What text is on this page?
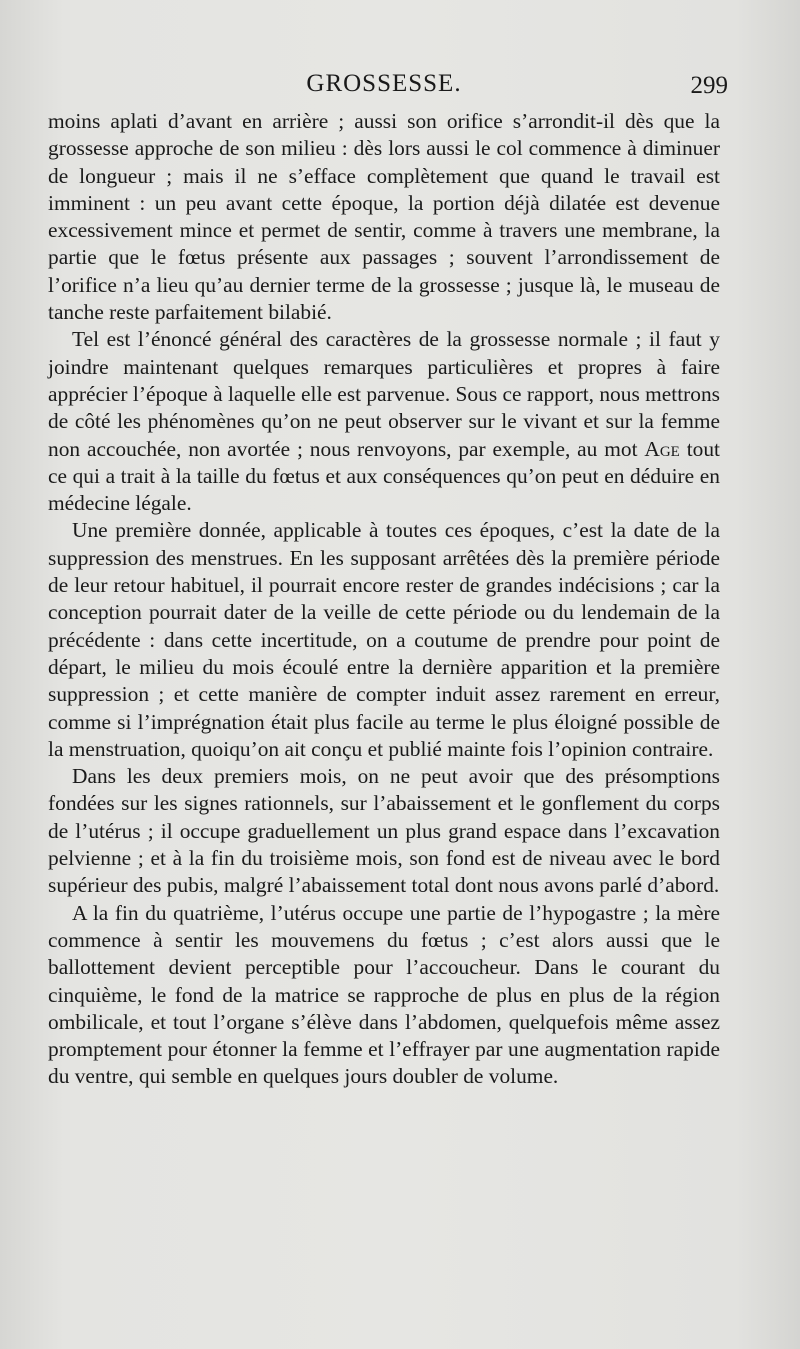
GROSSESSE.	299

moins aplati d’avant en arrière ; aussi son orifice s’arrondit-il dès que la grossesse approche de son milieu : dès lors aussi le col commence à diminuer de longueur ; mais il ne s’efface complètement que quand le travail est imminent : un peu avant cette époque, la portion déjà dilatée est devenue excessivement mince et permet de sentir, comme à travers une membrane, la partie que le fœtus présente aux passages ; souvent l’arrondissement de l’orifice n’a lieu qu’au dernier terme de la grossesse ; jusque là, le museau de tanche reste parfaitement bilabié.

Tel est l’énoncé général des caractères de la grossesse normale ; il faut y joindre maintenant quelques remarques particulières et propres à faire apprécier l’époque à laquelle elle est parvenue. Sous ce rapport, nous mettrons de côté les phénomènes qu’on ne peut observer sur le vivant et sur la femme non accouchée, non avortée ; nous renvoyons, par exemple, au mot Age tout ce qui a trait à la taille du fœtus et aux conséquences qu’on peut en déduire en médecine légale.

Une première donnée, applicable à toutes ces époques, c’est la date de la suppression des menstrues. En les supposant arrêtées dès la première période de leur retour habituel, il pourrait encore rester de grandes indécisions ; car la conception pourrait dater de la veille de cette période ou du lendemain de la précédente : dans cette incertitude, on a coutume de prendre pour point de départ, le milieu du mois écoulé entre la dernière apparition et la première suppression ; et cette manière de compter induit assez rarement en erreur, comme si l’imprégnation était plus facile au terme le plus éloigné possible de la menstruation, quoiqu’on ait conçu et publié mainte fois l’opinion contraire.

Dans les deux premiers mois, on ne peut avoir que des présomptions fondées sur les signes rationnels, sur l’abaissement et le gonflement du corps de l’utérus ; il occupe graduellement un plus grand espace dans l’excavation pelvienne ; et à la fin du troisième mois, son fond est de niveau avec le bord supérieur des pubis, malgré l’abaissement total dont nous avons parlé d’abord.

A la fin du quatrième, l’utérus occupe une partie de l’hypogastre ; la mère commence à sentir les mouvemens du fœtus ; c’est alors aussi que le ballottement devient perceptible pour l’accoucheur. Dans le courant du cinquième, le fond de la matrice se rapproche de plus en plus de la région ombilicale, et tout l’organe s’élève dans l’abdomen, quelquefois même assez promptement pour étonner la femme et l’effrayer par une augmentation rapide du ventre, qui semble en quelques jours doubler de volume.
